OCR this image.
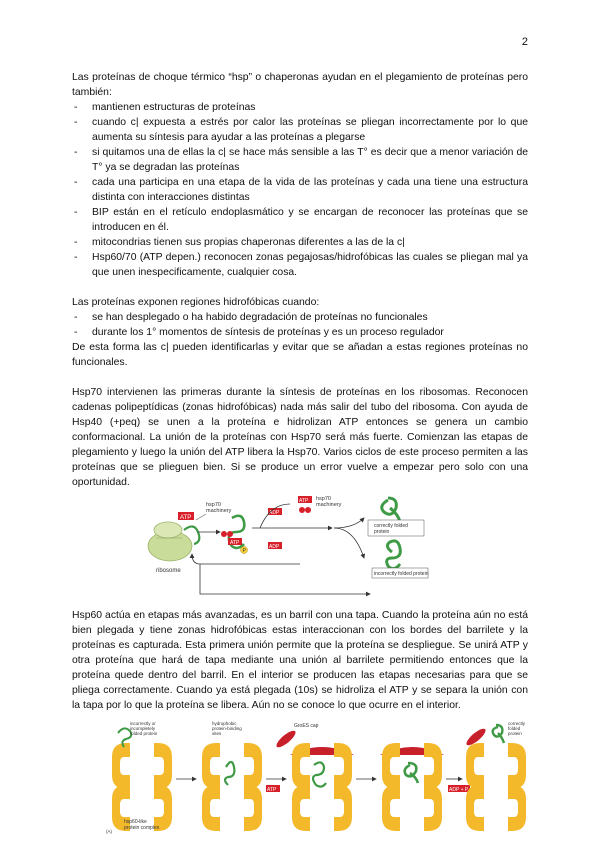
2

Las proteínas de choque térmico “hsp” o chaperonas ayudan en el plegamiento de proteínas pero también:

- mantienen estructuras de proteínas
- cuando c| expuesta a estrés por calor las proteínas se pliegan incorrectamente por lo que aumenta su síntesis para ayudar a las proteínas a plegarse
- si quitamos una de ellas la c| se hace más sensible a las T° es decir que a menor variación de T° ya se degradan las proteínas
- cada una participa en una etapa de la vida de las proteínas y cada una tiene una estructura distinta con interacciones distintas
- BIP están en el retículo endoplasmático y se encargan de reconocer las proteínas que se introducen en él.
- mitocondrias tienen sus propias chaperonas diferentes a las de la c|
- Hsp60/70 (ATP depen.) reconocen zonas pegajosas/hidrofóbicas las cuales se pliegan mal ya que unen inespecificamente, cualquier cosa.

Las proteínas exponen regiones hidrofóbicas cuando:

- se han desplegado o ha habido degradación de proteínas no funcionales
- durante los 1° momentos de síntesis de proteínas y es un proceso regulador

De esta forma las c| pueden identificarlas y evitar que se añadan a estas regiones proteínas no funcionales.

Hsp70 intervienen las primeras durante la síntesis de proteínas en los ribosomas. Reconocen cadenas polipeptídicas (zonas hidrofóbicas) nada más salir del tubo del ribosoma. Con ayuda de Hsp40 (+peq) se unen a la proteína e hidrolizan ATP entonces se genera un cambio conformacional. La unión de la proteínas con Hsp70 será más fuerte. Comienzan las etapas de plegamiento y luego la unión del ATP libera la Hsp70. Varios ciclos de este proceso permiten a las proteínas que se plieguen bien. Si se produce un error vuelve a empezar pero solo con una oportunidad.

ribosome
ATP
hsp70 machinery
ATP
P
ADP
ADP
ATP hsp70 machinery
correctly folded protein
incorrectly folded protein

Hsp60 actúa en etapas más avanzadas, es un barril con una tapa. Cuando la proteína aún no está bien plegada y tiene zonas hidrofóbicas estas interaccionan con los bordes del barrilete y la proteínas es capturada. Esta primera unión permite que la proteína se despliegue. Se unirá ATP y otra proteína que hará de tapa mediante una unión al barrilete permitiendo entonces que la proteína quede dentro del barril. En el interior se producen las etapas necesarias para que se pliega correctamente. Cuando ya está plegada (10s) se hidroliza el ATP y se separa la unión con la tapa por lo que la proteína se libera. Aún no se conoce lo que ocurre en el interior.

incorrectly or incompletely folded protein
hsp60-like protein complex
(A)
hydrophobic protein-binding sites
GroES cap
ATP	ADP + P
correctly folded protein
